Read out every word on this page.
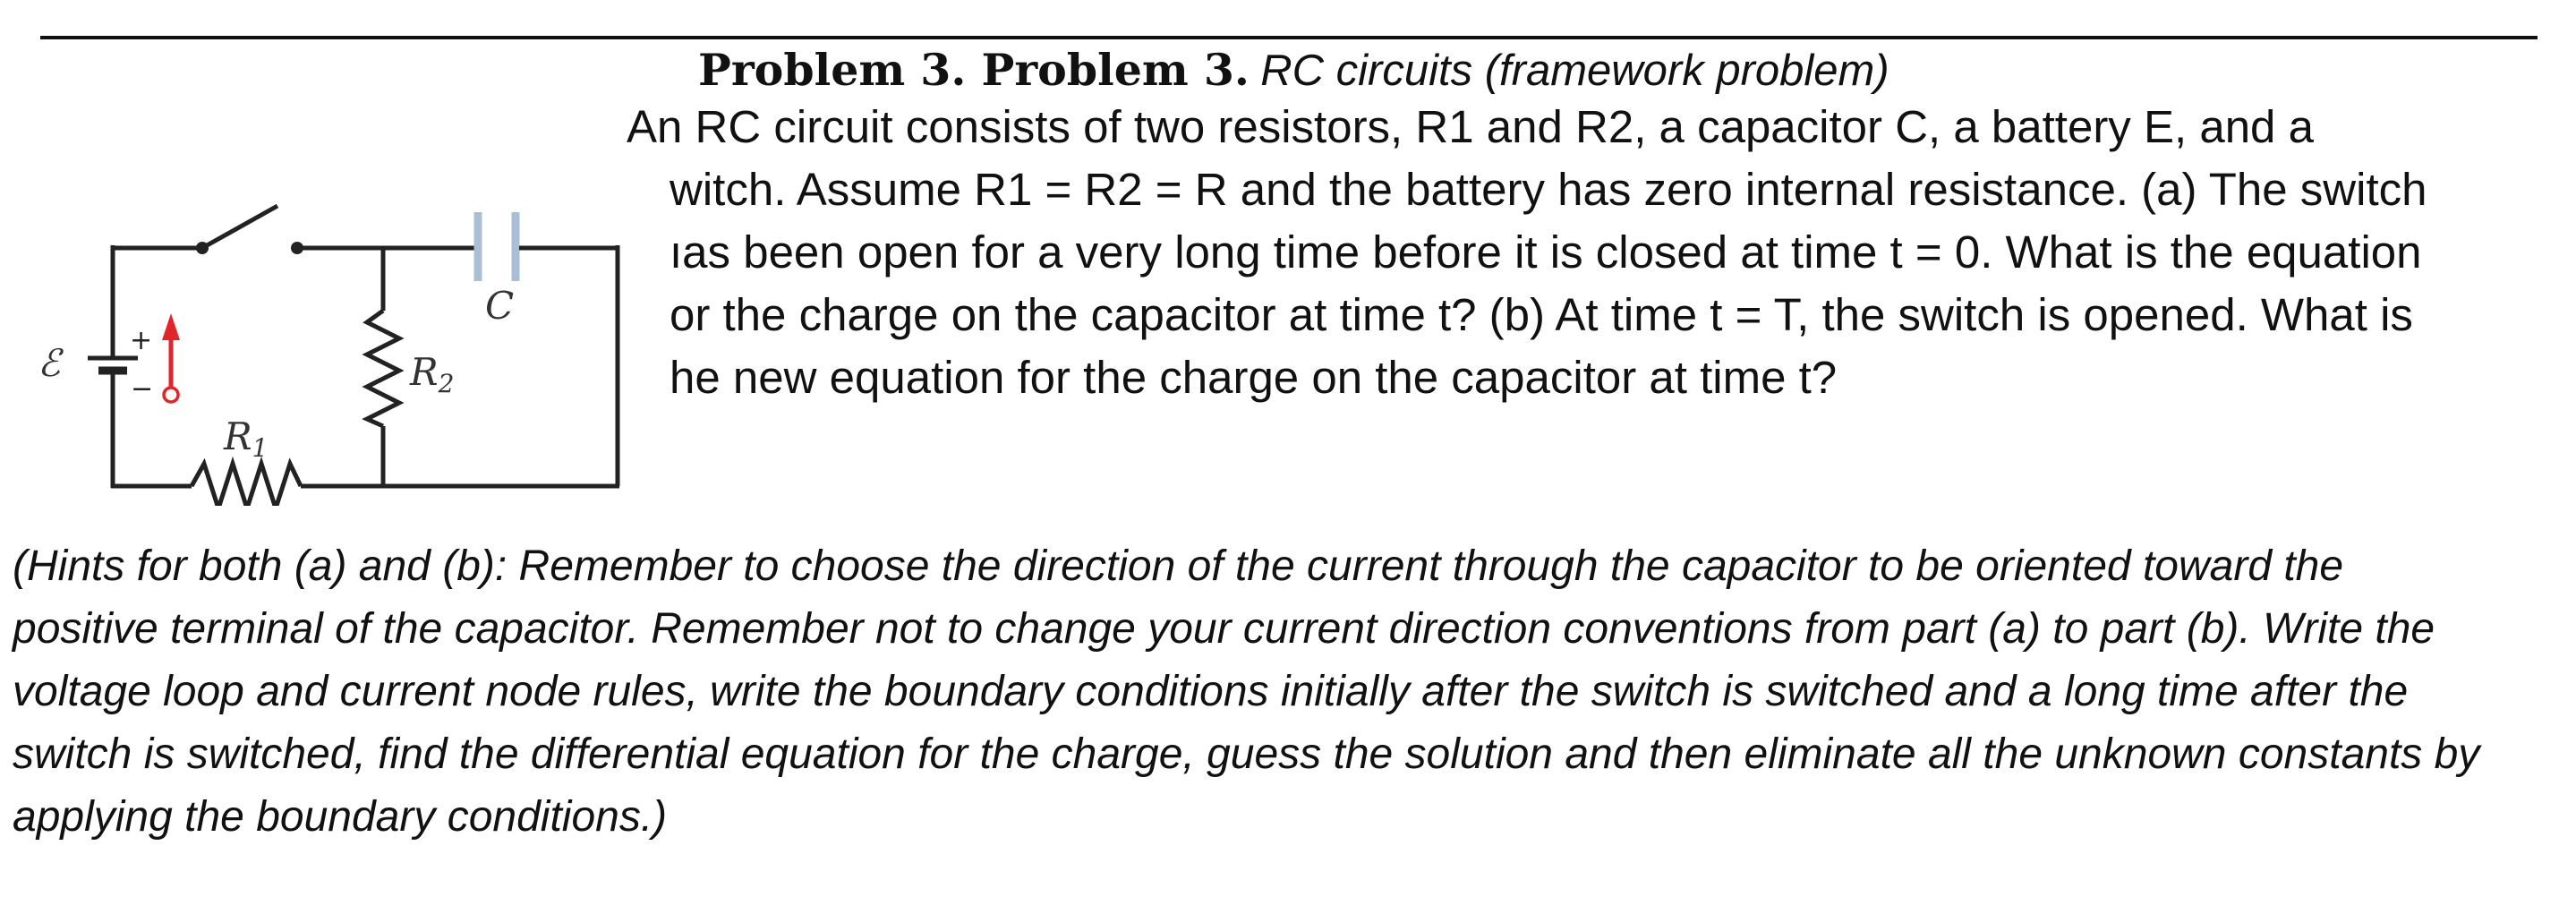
+
−
ℰ
C
R2
R1
Problem 3. Problem 3. RC circuits (framework problem)
An RC circuit consists of two resistors, R1 and R2, a capacitor C, a battery E, and a
witch. Assume R1 = R2 = R and the battery has zero internal resistance. (a) The switch
ıas been open for a very long time before it is closed at time t = 0. What is the equation
or the charge on the capacitor at time t? (b) At time t = T, the switch is opened. What is
he new equation for the charge on the capacitor at time t?
(Hints for both (a) and (b): Remember to choose the direction of the current through the capacitor to be oriented toward the
positive terminal of the capacitor. Remember not to change your current direction conventions from part (a) to part (b). Write the
voltage loop and current node rules, write the boundary conditions initially after the switch is switched and a long time after the
switch is switched, find the differential equation for the charge, guess the solution and then eliminate all the unknown constants by
applying the boundary conditions.)
